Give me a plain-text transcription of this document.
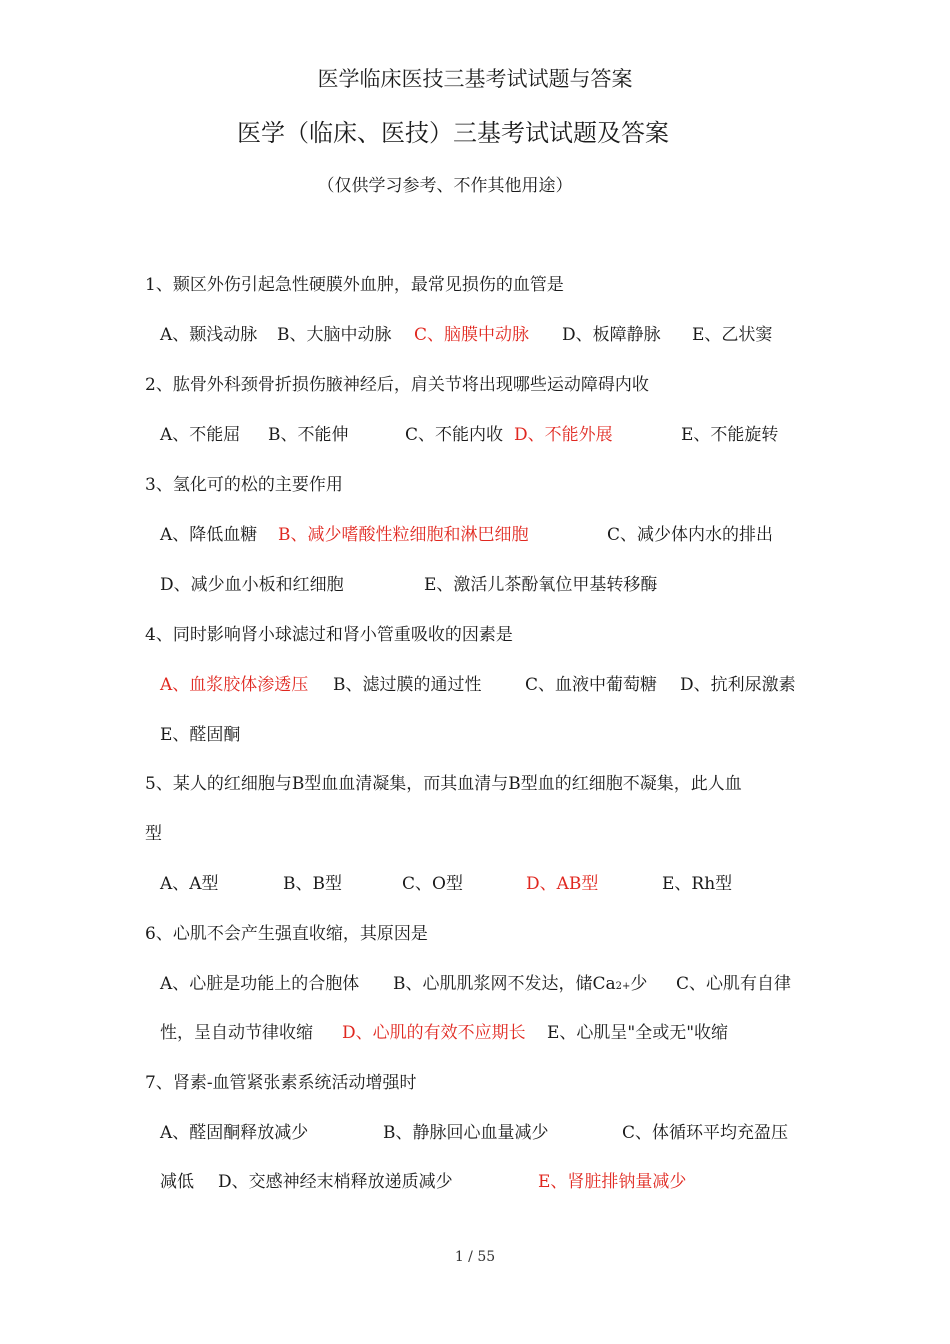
医学临床医技三基考试试题与答案
医学（临床、医技）三基考试试题及答案
（仅供学习参考、不作其他用途）
1、颞区外伤引起急性硬膜外血肿，最常见损伤的血管是
A、颞浅动脉 B、大脑中动脉 C、脑膜中动脉 D、板障静脉 E、乙状窦
2、肱骨外科颈骨折损伤腋神经后，肩关节将出现哪些运动障碍内收
A、不能屈 B、不能伸	C、不能内收 D、不能外展	E、不能旋转
3、氢化可的松的主要作用
A、降低血糖 B、减少嗜酸性粒细胞和淋巴细胞	C、减少体内水的排出
D、减少血小板和红细胞	E、激活儿茶酚氧位甲基转移酶
4、同时影响肾小球滤过和肾小管重吸收的因素是
A、血浆胶体渗透压 B、滤过膜的通过性	C、血液中葡萄糖 D、抗利尿激素
E、醛固酮
5、某人的红细胞与B型血血清凝集，而其血清与B型血的红细胞不凝集，此人血
型
A、A型	B、B型	C、O型	D、AB型	E、Rh型
6、心肌不会产生强直收缩，其原因是
A、心脏是功能上的合胞体 B、心肌肌浆网不发达，储Ca2+少 C、心肌有自律
性，呈自动节律收缩 D、心肌的有效不应期长 E、心肌呈"全或无"收缩
7、肾素-血管紧张素系统活动增强时
A、醛固酮释放减少	B、静脉回心血量减少	C、体循环平均充盈压
减低 D、交感神经末梢释放递质减少	E、肾脏排钠量减少
1 / 55
